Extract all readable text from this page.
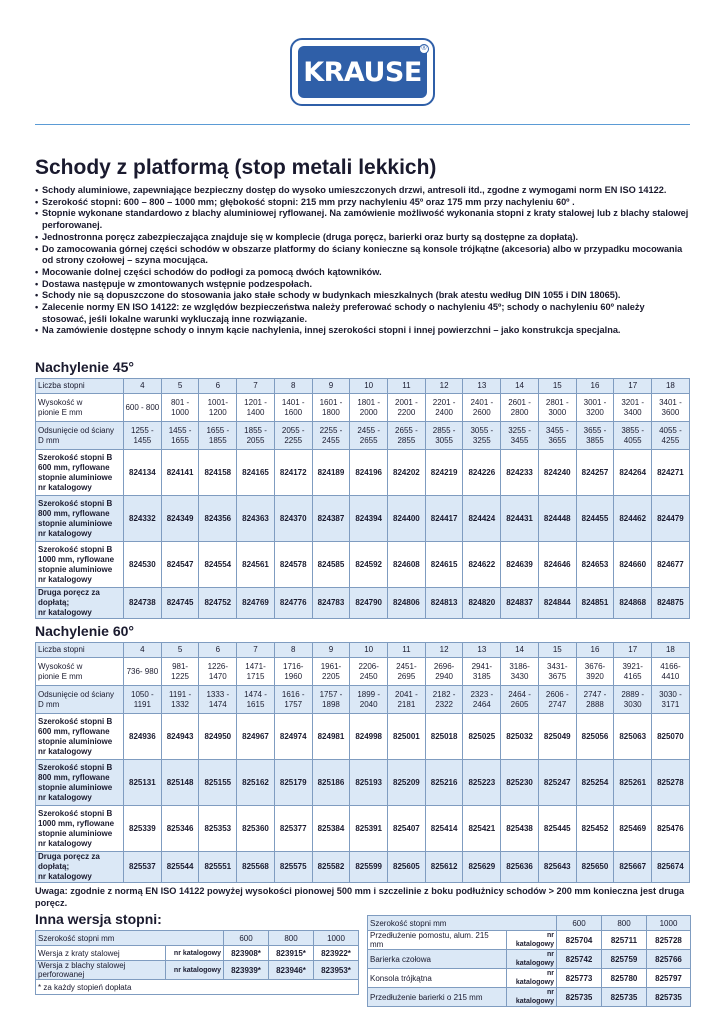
KRAUSE
®
Schody z platformą (stop metali lekkich)
• Schody aluminiowe, zapewniające bezpieczny dostęp do wysoko umieszczonych drzwi, antresoli itd., zgodne z wymogami norm EN ISO 14122.
• Szerokość stopni: 600 – 800 – 1000 mm; głębokość stopni: 215 mm przy nachyleniu 45º oraz 175 mm przy nachyleniu 60º .
• Stopnie wykonane standardowo z blachy aluminiowej ryflowanej. Na zamówienie możliwość wykonania stopni z kraty stalowej lub z blachy stalowej perforowanej.
• Jednostronna poręcz zabezpieczająca znajduje się w komplecie (druga poręcz, barierki oraz burty są dostępne za dopłatą).
• Do zamocowania górnej części schodów w obszarze platformy do ściany konieczne są konsole trójkątne (akcesoria) albo w przypadku mocowania od strony czołowej – szyna mocująca.
• Mocowanie dolnej części schodów do podłogi za pomocą dwóch kątowników.
• Dostawa następuje w zmontowanych wstępnie podzespołach.
• Schody nie są dopuszczone do stosowania jako stałe schody w budynkach mieszkalnych (brak atestu według DIN 1055 i DIN 18065).
• Zalecenie normy EN ISO 14122: ze względów bezpieczeństwa należy preferować schody o nachyleniu 45º; schody o nachyleniu 60º należy stosować, jeśli lokalne warunki wykluczają inne rozwiązanie.
• Na zamówienie dostępne schody o innym kącie nachylenia, innej szerokości stopni i innej powierzchni – jako konstrukcja specjalna.
Nachylenie 45°
Liczba stopni	4	5	6	7	8	9	10	11	12	13	14	15	16	17	18
Wysokość w
pionie E mm	600 - 800	801 - 1000	1001- 1200	1201 - 1400	1401 - 1600	1601 - 1800	1801 - 2000	2001 - 2200	2201 - 2400	2401 - 2600	2601 - 2800	2801 - 3000	3001 - 3200	3201 - 3400	3401 - 3600
Odsunięcie od ściany
D mm	1255 - 1455	1455 - 1655	1655 - 1855	1855 - 2055	2055 - 2255	2255 - 2455	2455 - 2655	2655 - 2855	2855 - 3055	3055 - 3255	3255 - 3455	3455 - 3655	3655 - 3855	3855 - 4055	4055 - 4255
Szerokość stopni B
600 mm, ryflowane
stopnie aluminiowe
nr katalogowy	824134	824141	824158	824165	824172	824189	824196	824202	824219	824226	824233	824240	824257	824264	824271
Szerokość stopni B
800 mm, ryflowane
stopnie aluminiowe
nr katalogowy	824332	824349	824356	824363	824370	824387	824394	824400	824417	824424	824431	824448	824455	824462	824479
Szerokość stopni B
1000 mm, ryflowane
stopnie aluminiowe
nr katalogowy	824530	824547	824554	824561	824578	824585	824592	824608	824615	824622	824639	824646	824653	824660	824677
Druga poręcz za
dopłatą;
nr katalogowy	824738	824745	824752	824769	824776	824783	824790	824806	824813	824820	824837	824844	824851	824868	824875
Nachylenie 60°
Liczba stopni	4	5	6	7	8	9	10	11	12	13	14	15	16	17	18
Wysokość w
pionie E mm	736- 980	981- 1225	1226- 1470	1471- 1715	1716- 1960	1961- 2205	2206- 2450	2451- 2695	2696- 2940	2941- 3185	3186- 3430	3431- 3675	3676- 3920	3921- 4165	4166- 4410
Odsunięcie od ściany
D mm	1050 - 1191	1191 - 1332	1333 - 1474	1474 - 1615	1616 - 1757	1757 - 1898	1899 - 2040	2041 - 2181	2182 - 2322	2323 - 2464	2464 - 2605	2606 - 2747	2747 - 2888	2889 - 3030	3030 - 3171
Szerokość stopni B
600 mm, ryflowane
stopnie aluminiowe
nr katalogowy	824936	824943	824950	824967	824974	824981	824998	825001	825018	825025	825032	825049	825056	825063	825070
Szerokość stopni B
800 mm, ryflowane
stopnie aluminiowe
nr katalogowy	825131	825148	825155	825162	825179	825186	825193	825209	825216	825223	825230	825247	825254	825261	825278
Szerokość stopni B
1000 mm, ryflowane
stopnie aluminiowe
nr katalogowy	825339	825346	825353	825360	825377	825384	825391	825407	825414	825421	825438	825445	825452	825469	825476
Druga poręcz za
dopłatą;
nr katalogowy	825537	825544	825551	825568	825575	825582	825599	825605	825612	825629	825636	825643	825650	825667	825674
Uwaga: zgodnie z normą EN ISO 14122 powyżej wysokości pionowej 500 mm i szczelinie z boku podłużnicy schodów > 200 mm konieczna jest druga poręcz.
Inna wersja stopni:
Szerokość stopni mm		600	800	1000
Wersja z kraty stalowej	nr katalogowy	823908*	823915*	823922*
Wersja z blachy stalowej perforowanej	nr katalogowy	823939*	823946*	823953*
* za każdy stopień dopłata				
Szerokość stopni mm		600	800	1000
Przedłużenie pomostu, alum. 215 mm	nr katalogowy	825704	825711	825728
Barierka czołowa	nr katalogowy	825742	825759	825766
Konsola trójkątna	nr katalogowy	825773	825780	825797
Przedłużenie barierki o 215 mm	nr katalogowy	825735	825735	825735
